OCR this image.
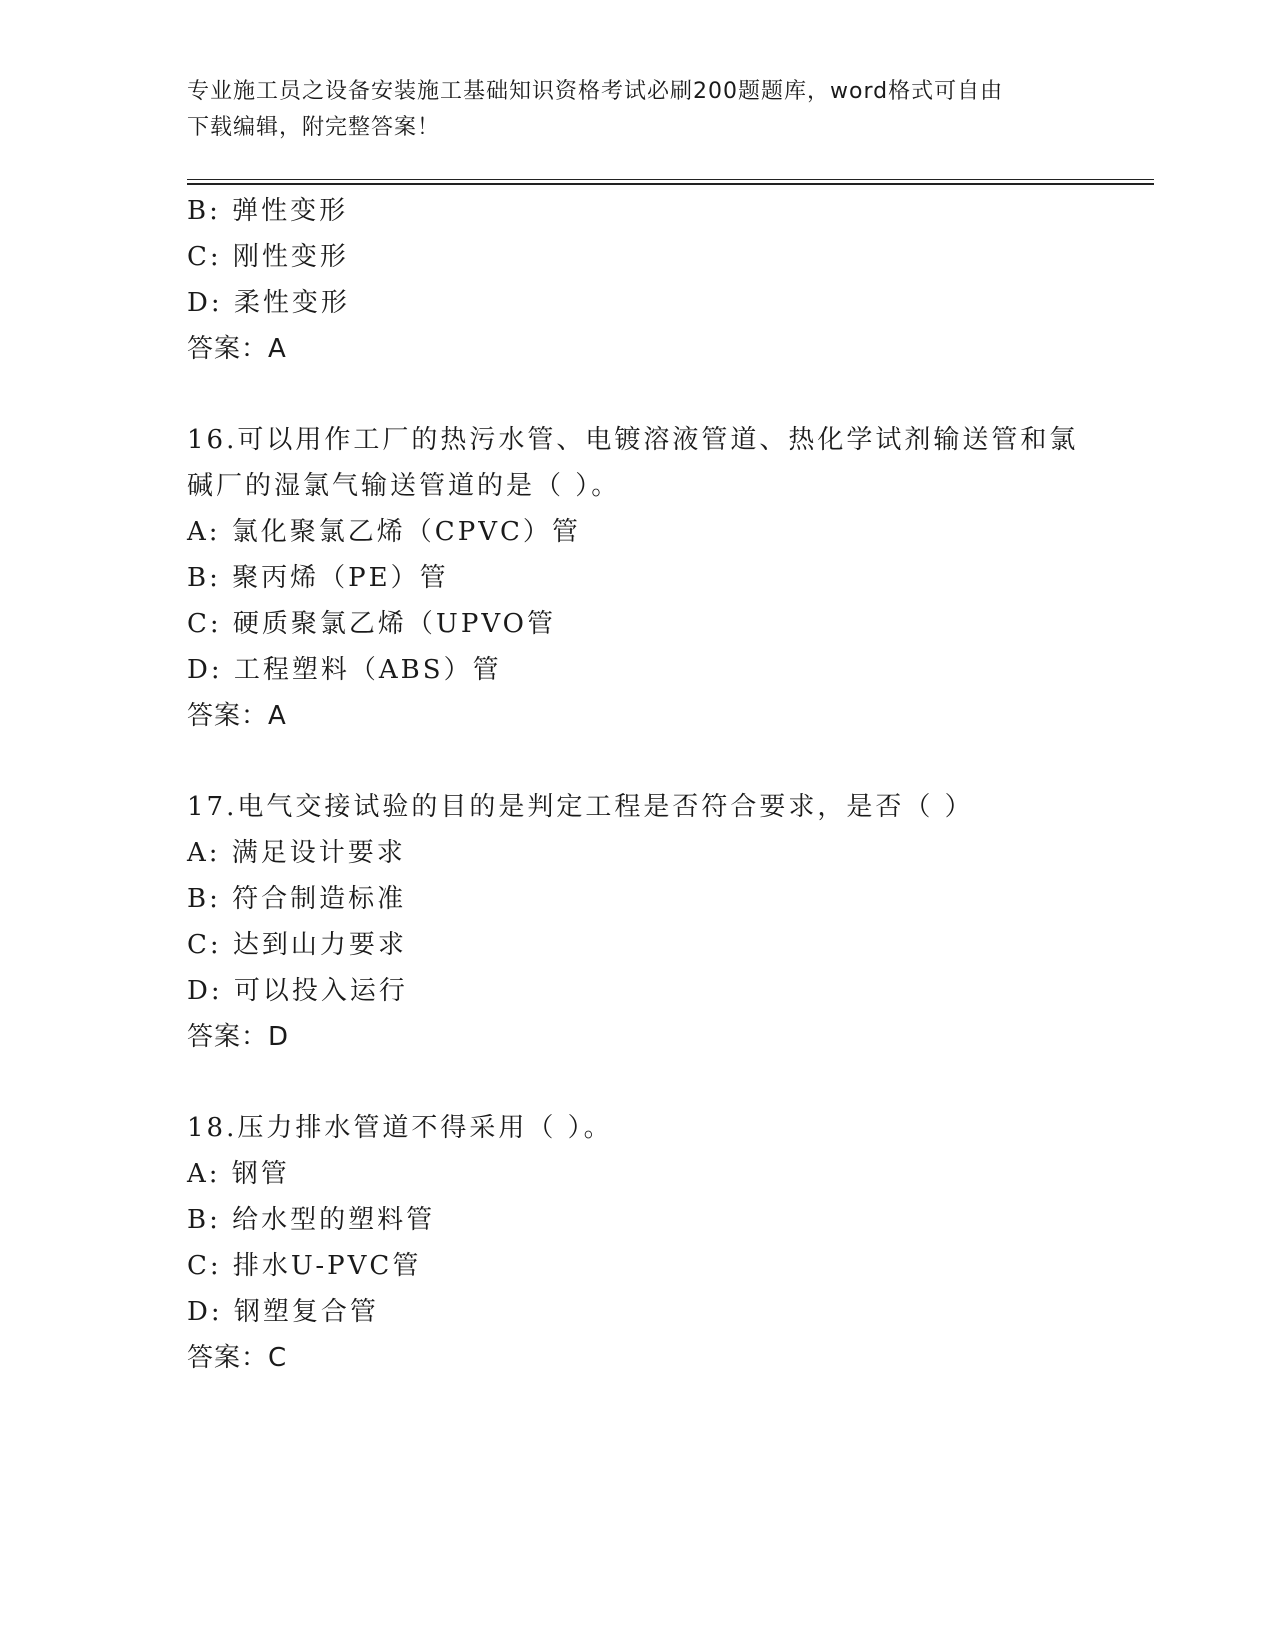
专业施工员之设备安装施工基础知识资格考试必刷200题题库，word格式可自由
下载编辑，附完整答案！
B: 弹性变形
C: 刚性变形
D: 柔性变形
答案：A
16.可以用作工厂的热污水管、电镀溶液管道、热化学试剂输送管和氯
碱厂的湿氯气输送管道的是（ ）。
A: 氯化聚氯乙烯（CPVC）管
B: 聚丙烯（PE）管
C: 硬质聚氯乙烯（UPVO管
D: 工程塑料（ABS）管
答案：A
17.电气交接试验的目的是判定工程是否符合要求，是否（ ）
A: 满足设计要求
B: 符合制造标准
C: 达到山力要求
D: 可以投入运行
答案：D
18.压力排水管道不得采用（ ）。
A: 钢管
B: 给水型的塑料管
C: 排水U-PVC管
D: 钢塑复合管
答案：C
